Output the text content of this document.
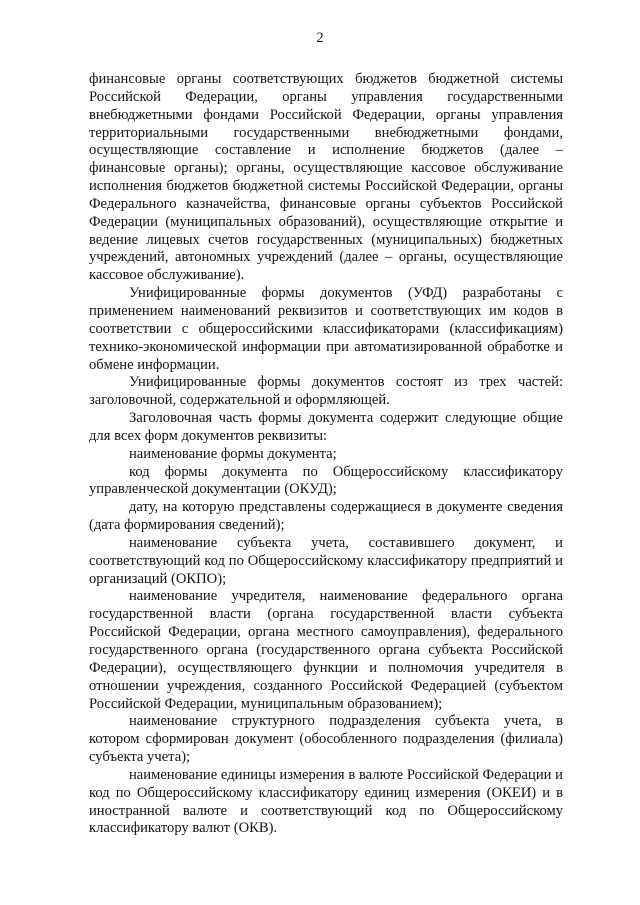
2

финансовые органы соответствующих бюджетов бюджетной системы Российской Федерации, органы управления государственными внебюджетными фондами Российской Федерации, органы управления территориальными государственными внебюджетными фондами, осуществляющие составление и исполнение бюджетов (далее – финансовые органы); органы, осуществляющие кассовое обслуживание исполнения бюджетов бюджетной системы Российской Федерации, органы Федерального казначейства, финансовые органы субъектов Российской Федерации (муниципальных образований), осуществляющие открытие и ведение лицевых счетов государственных (муниципальных) бюджетных учреждений, автономных учреждений (далее – органы, осуществляющие кассовое обслуживание).

Унифицированные формы документов (УФД) разработаны с применением наименований реквизитов и соответствующих им кодов в соответствии с общероссийскими классификаторами (классификациям) технико-экономической информации при автоматизированной обработке и обмене информации.

Унифицированные формы документов состоят из трех частей: заголовочной, содержательной и оформляющей.

Заголовочная часть формы документа содержит следующие общие для всех форм документов реквизиты:

наименование формы документа;

код формы документа по Общероссийскому классификатору управленческой документации (ОКУД);

дату, на которую представлены содержащиеся в документе сведения (дата формирования сведений);

наименование субъекта учета, составившего документ, и соответствующий код по Общероссийскому классификатору предприятий и организаций (ОКПО);

наименование учредителя, наименование федерального органа государственной власти (органа государственной власти субъекта Российской Федерации, органа местного самоуправления), федерального государственного органа (государственного органа субъекта Российской Федерации), осуществляющего функции и полномочия учредителя в отношении учреждения, созданного Российской Федерацией (субъектом Российской Федерации, муниципальным образованием);

наименование структурного подразделения субъекта учета, в котором сформирован документ (обособленного подразделения (филиала) субъекта учета);

наименование единицы измерения в валюте Российской Федерации и код по Общероссийскому классификатору единиц измерения (ОКЕИ) и в иностранной валюте и соответствующий код по Общероссийскому классификатору валют (ОКВ).
